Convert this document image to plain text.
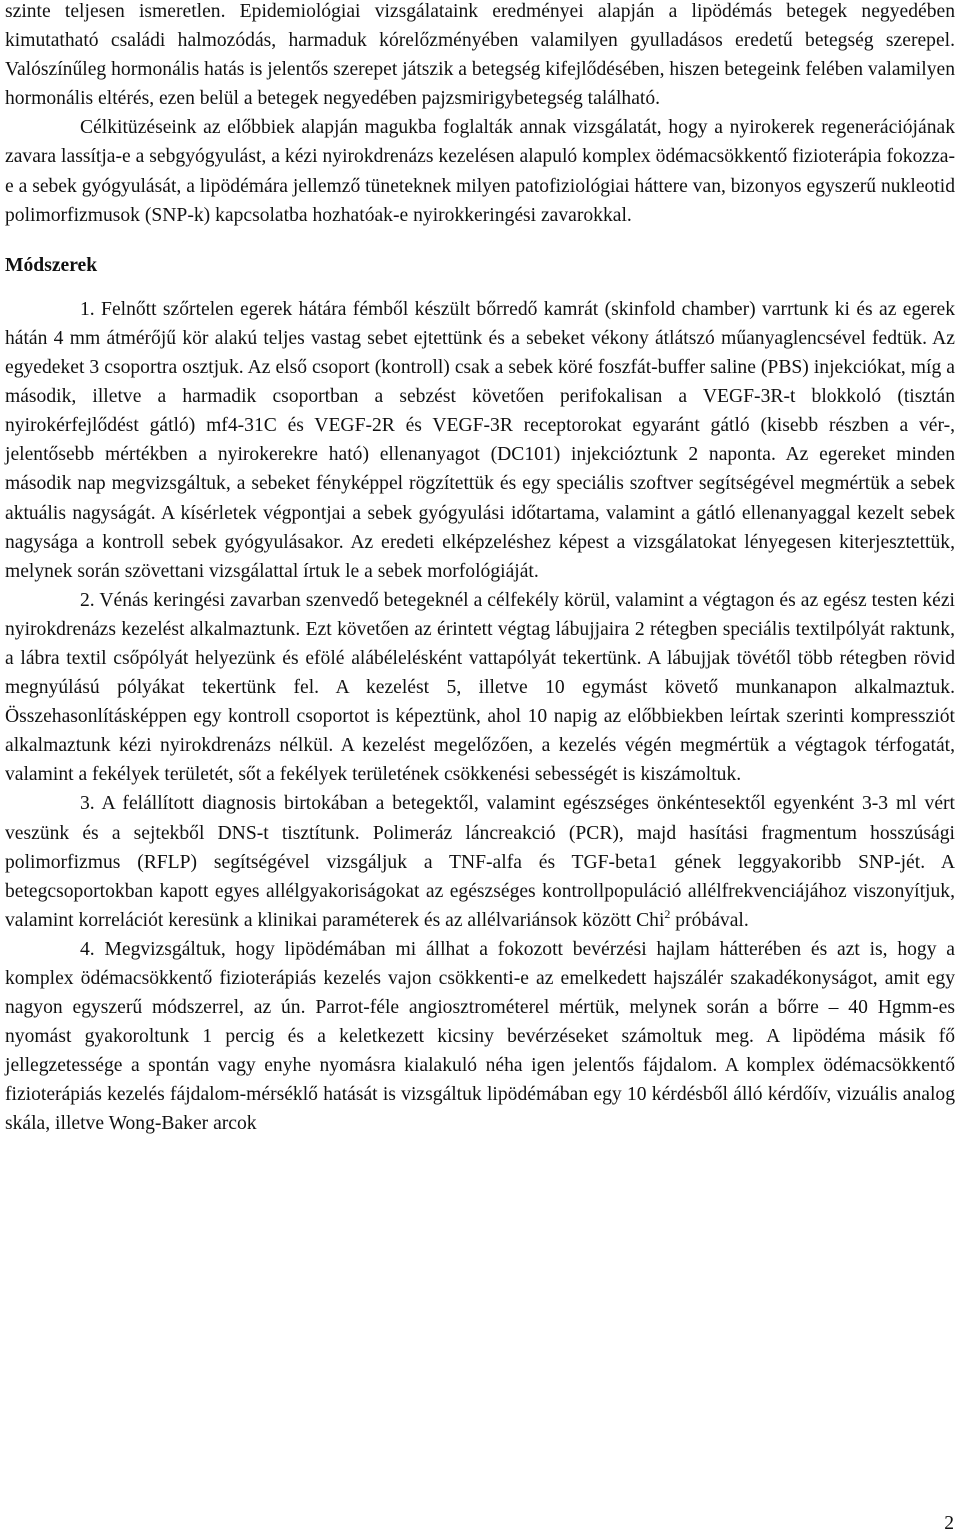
szinte teljesen ismeretlen. Epidemiológiai vizsgálataink eredményei alapján a lipödémás betegek negyedében kimutatható családi halmozódás, harmaduk kórelőzményében valamilyen gyulladásos eredetű betegség szerepel. Valószínűleg hormonális hatás is jelentős szerepet játszik a betegség kifejlődésében, hiszen betegeink felében valamilyen hormonális eltérés, ezen belül a betegek negyedében pajzsmirigybetegség található.

Célkitüzéseink az előbbiek alapján magukba foglalták annak vizsgálatát, hogy a nyirokerek regenerációjának zavara lassítja-e a sebgyógyulást, a kézi nyirokdrenázs kezelésen alapuló komplex ödémacsökkentő fizioterápia fokozza-e a sebek gyógyulását, a lipödémára jellemző tüneteknek milyen patofiziológiai háttere van, bizonyos egyszerű nukleotid polimorfizmusok (SNP-k) kapcsolatba hozhatóak-e nyirokkeringési zavarokkal.

Módszerek

1. Felnőtt szőrtelen egerek hátára fémből készült bőrredő kamrát (skinfold chamber) varrtunk ki és az egerek hátán 4 mm átmérőjű kör alakú teljes vastag sebet ejtettünk és a sebeket vékony átlátszó műanyaglencsével fedtük. Az egyedeket 3 csoportra osztjuk. Az első csoport (kontroll) csak a sebek köré foszfát-buffer saline (PBS) injekciókat, míg a második, illetve a harmadik csoportban a sebzést követően perifokalisan a VEGF-3R-t blokkoló (tisztán nyirokérfejlődést gátló) mf4-31C és VEGF-2R és VEGF-3R receptorokat egyaránt gátló (kisebb részben a vér-, jelentősebb mértékben a nyirokerekre ható) ellenanyagot (DC101) injekcióztunk 2 naponta. Az egereket minden második nap megvizsgáltuk, a sebeket fényképpel rögzítettük és egy speciális szoftver segítségével megmértük a sebek aktuális nagyságát. A kísérletek végpontjai a sebek gyógyulási időtartama, valamint a gátló ellenanyaggal kezelt sebek nagysága a kontroll sebek gyógyulásakor. Az eredeti elképzeléshez képest a vizsgálatokat lényegesen kiterjesztettük, melynek során szövettani vizsgálattal írtuk le a sebek morfológiáját.

2. Vénás keringési zavarban szenvedő betegeknél a célfekély körül, valamint a végtagon és az egész testen kézi nyirokdrenázs kezelést alkalmaztunk. Ezt követően az érintett végtag lábujjaira 2 rétegben speciális textilpólyát raktunk, a lábra textil csőpólyát helyezünk és efölé alábélelésként vattapólyát tekertünk. A lábujjak tövétől több rétegben rövid megnyúlású pólyákat tekertünk fel. A kezelést 5, illetve 10 egymást követő munkanapon alkalmaztuk. Összehasonlításképpen egy kontroll csoportot is képeztünk, ahol 10 napig az előbbiekben leírtak szerinti kompressziót alkalmaztunk kézi nyirokdrenázs nélkül. A kezelést megelőzően, a kezelés végén megmértük a végtagok térfogatát, valamint a fekélyek területét, sőt a fekélyek területének csökkenési sebességét is kiszámoltuk.

3. A felállított diagnosis birtokában a betegektől, valamint egészséges önkéntesektől egyenként 3-3 ml vért veszünk és a sejtekből DNS-t tisztítunk. Polimeráz láncreakció (PCR), majd hasítási fragmentum hosszúsági polimorfizmus (RFLP) segítségével vizsgáljuk a TNF-alfa és TGF-beta1 gének leggyakoribb SNP-jét. A betegcsoportokban kapott egyes allélgyakoriságokat az egészséges kontrollpopuláció allélfrekvenciájához viszonyítjuk, valamint korrelációt keresünk a klinikai paraméterek és az allélvariánsok között Chi$^2$ próbával.

4. Megvizsgáltuk, hogy lipödémában mi állhat a fokozott bevérzési hajlam hátterében és azt is, hogy a komplex ödémacsökkentő fizioterápiás kezelés vajon csökkenti-e az emelkedett hajszálér szakadékonyságot, amit egy nagyon egyszerű módszerrel, az ún. Parrot-féle angiosztrométerel mértük, melynek során a bőrre – 40 Hgmm-es nyomást gyakoroltunk 1 percig és a keletkezett kicsiny bevérzéseket számoltuk meg. A lipödéma másik fő jellegzetessége a spontán vagy enyhe nyomásra kialakuló néha igen jelentős fájdalom. A komplex ödémacsökkentő fizioterápiás kezelés fájdalom-mérséklő hatását is vizsgáltuk lipödémában egy 10 kérdésből álló kérdőív, vizuális analog skála, illetve Wong-Baker arcok

2
